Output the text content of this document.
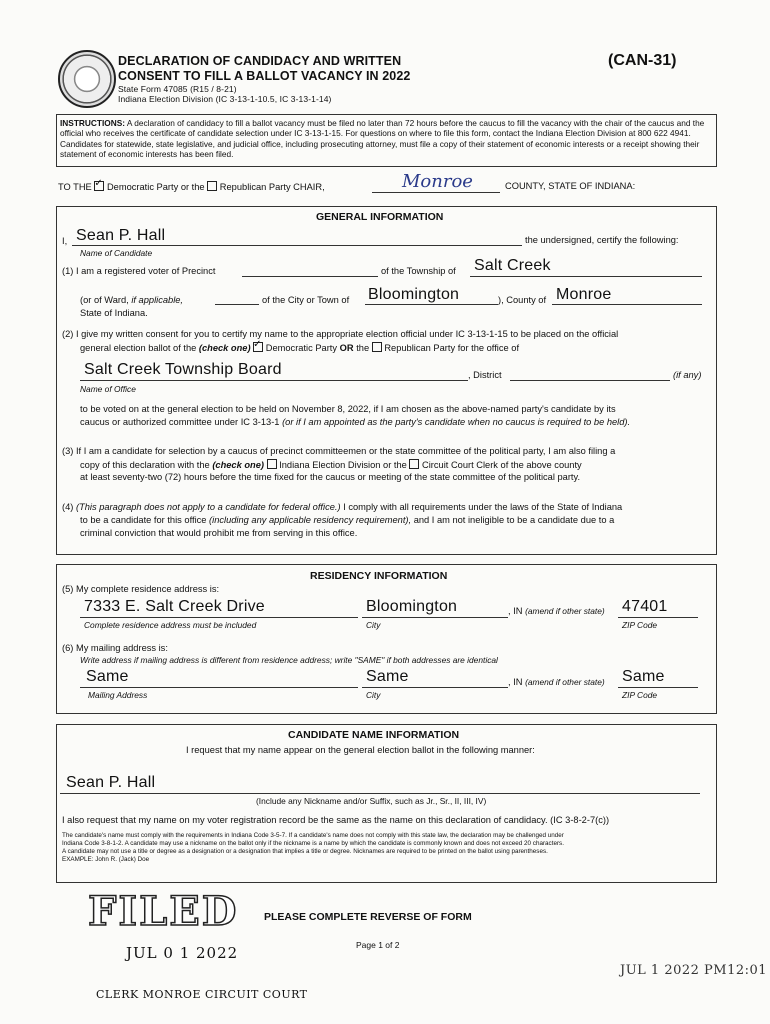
DECLARATION OF CANDIDACY AND WRITTEN
CONSENT TO FILL A BALLOT VACANCY IN 2022
State Form 47085 (R15 / 8-21)
Indiana Election Division (IC 3-13-1-10.5, IC 3-13-1-14)
(CAN-31)
INSTRUCTIONS: A declaration of candidacy to fill a ballot vacancy must be filed no later than 72 hours before the caucus to fill the vacancy with the chair of the caucus and the official who receives the certificate of candidate selection under IC 3-13-1-15. For questions on where to file this form, contact the Indiana Election Division at 800 622 4941. Candidates for statewide, state legislative, and judicial office, including prosecuting attorney, must file a copy of their statement of economic interests or a receipt showing their statement of economic interests has been filed.
TO THE ✓ Democratic Party or the Republican Party CHAIR,	Monroe	COUNTY, STATE OF INDIANA:
GENERAL INFORMATION
I, Sean P. Hall	the undersigned, certify the following:
Name of Candidate
(1) I am a registered voter of Precinct	of the Township of Salt Creek
(or of Ward, if applicable,	of the City or Town of Bloomington	), County of Monroe
State of Indiana.
(2) I give my written consent for you to certify my name to the appropriate election official under IC 3-13-1-15 to be placed on the official
general election ballot of the (check one) ✓ Democratic Party OR the Republican Party for the office of
Salt Creek Township Board	, District	(if any)
Name of Office
to be voted on at the general election to be held on November 8, 2022, if I am chosen as the above-named party's candidate by its
caucus or authorized committee under IC 3-13-1 (or if I am appointed as the party's candidate when no caucus is required to be held).
(3) If I am a candidate for selection by a caucus of precinct committeemen or the state committee of the political party, I am also filing a
copy of this declaration with the (check one) Indiana Election Division or the Circuit Court Clerk of the above county
at least seventy-two (72) hours before the time fixed for the caucus or meeting of the state committee of the political party.
(4) (This paragraph does not apply to a candidate for federal office.) I comply with all requirements under the laws of the State of Indiana
to be a candidate for this office (including any applicable residency requirement), and I am not ineligible to be a candidate due to a
criminal conviction that would prohibit me from serving in this office.
RESIDENCY INFORMATION
(5) My complete residence address is:
7333 E. Salt Creek Drive	Bloomington	, IN (amend if other state) 47401
Complete residence address must be included	City	ZIP Code
(6) My mailing address is:
Write address if mailing address is different from residence address; write "SAME" if both addresses are identical
Same	Same	, IN (amend if other state) Same
Mailing Address	City	ZIP Code
CANDIDATE NAME INFORMATION
I request that my name appear on the general election ballot in the following manner:
Sean P. Hall
(Include any Nickname and/or Suffix, such as Jr., Sr., II, III, IV)
I also request that my name on my voter registration record be the same as the name on this declaration of candidacy. (IC 3-8-2-7(c))
The candidate's name must comply with the requirements in Indiana Code 3-5-7. If a candidate's name does not comply with this state law, the declaration may be challenged under
Indiana Code 3-8-1-2. A candidate may use a nickname on the ballot only if the nickname is a name by which the candidate is commonly known and does not exceed 20 characters.
A candidate may not use a title or degree as a designation or a designation that implies a title or degree. Nicknames are required to be printed on the ballot using parentheses.
EXAMPLE: John R. (Jack) Doe
FILED PLEASE COMPLETE REVERSE OF FORM
Page 1 of 2
JUL 0 1 2022
CLERK MONROE CIRCUIT COURT
JUL 1 2022 PM12:01
